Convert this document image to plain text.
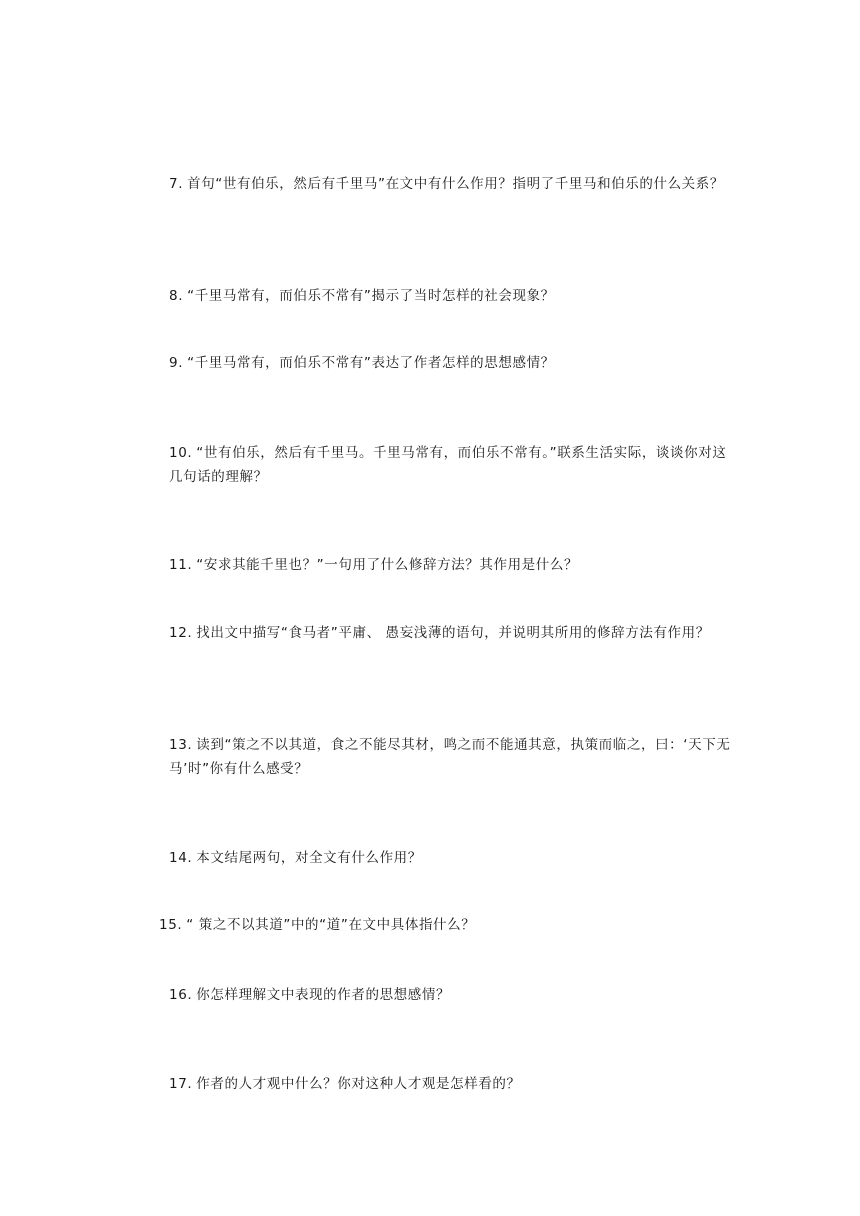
7. 首句“世有伯乐，然后有千里马”在文中有什么作用？指明了千里马和伯乐的什么关系？
8. “千里马常有，而伯乐不常有”揭示了当时怎样的社会现象？
9. “千里马常有，而伯乐不常有”表达了作者怎样的思想感情？
10. “世有伯乐，然后有千里马。千里马常有，而伯乐不常有。”联系生活实际，谈谈你对这几句话的理解？
11. “安求其能千里也？”一句用了什么修辞方法？其作用是什么？
12. 找出文中描写“食马者”平庸、 愚妄浅薄的语句，并说明其所用的修辞方法有作用？
13. 读到“策之不以其道，食之不能尽其材，鸣之而不能通其意，执策而临之，曰：‘天下无马’时”你有什么感受？
14. 本文结尾两句，对全文有什么作用？
15. “ 策之不以其道”中的“道”在文中具体指什么？
16. 你怎样理解文中表现的作者的思想感情？
17. 作者的人才观中什么？你对这种人才观是怎样看的？
